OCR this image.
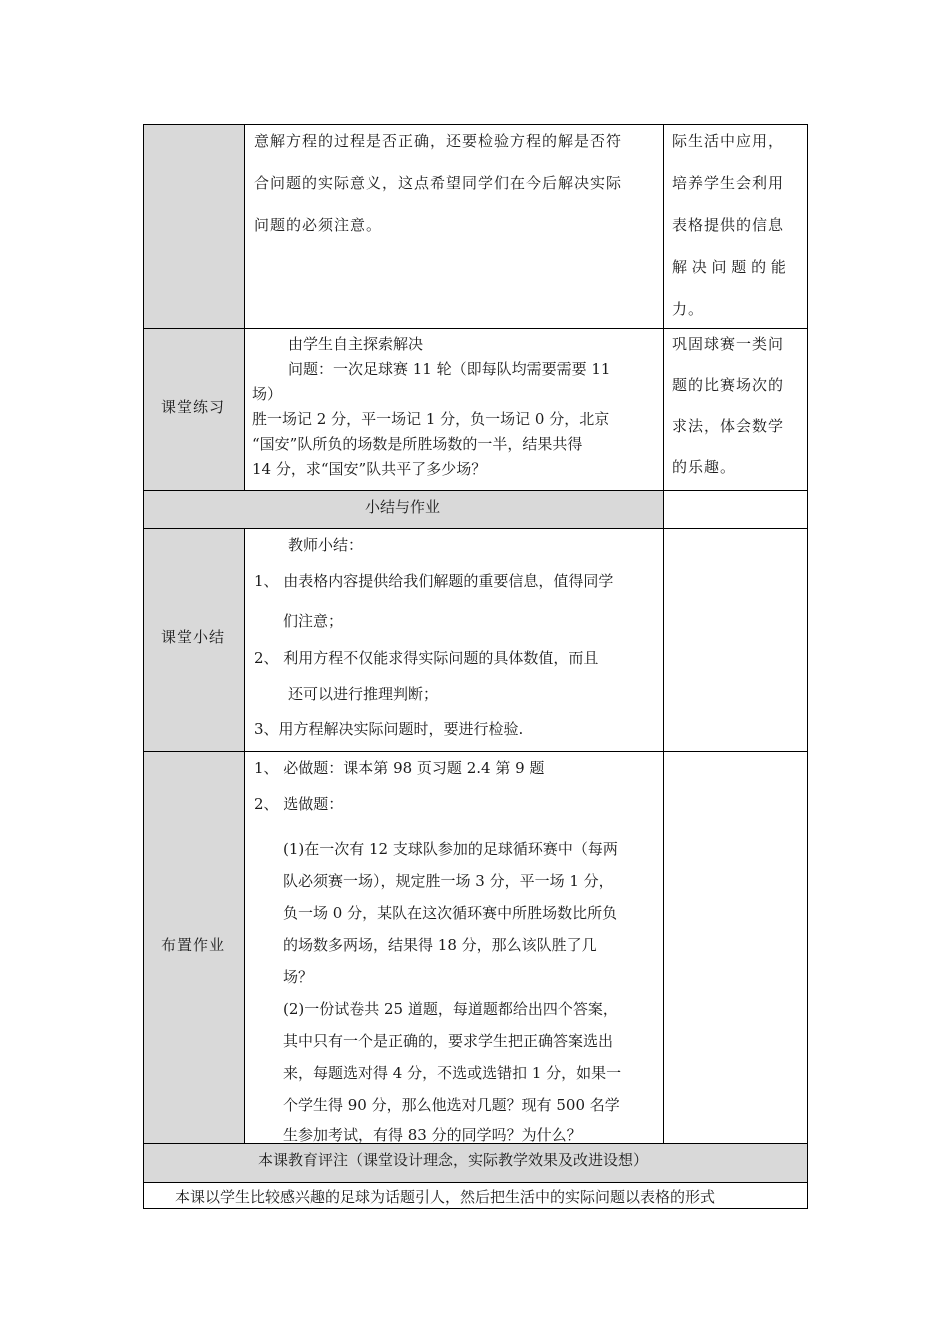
意解方程的过程是否正确，还要检验方程的解是否符
合问题的实际意义，这点希望同学们在今后解决实际
问题的必须注意。
际生活中应用，
培养学生会利用
表格提供的信息
解 决 问 题 的 能
力。
课堂练习
由学生自主探索解决
问题：一次足球赛 11 轮（即每队均需要需要 11
场）
胜一场记 2 分，平一场记 1 分，负一场记 0 分，北京
“国安”队所负的场数是所胜场数的一半，结果共得
14 分，求“国安”队共平了多少场？
巩固球赛一类问
题的比赛场次的
求法，体会数学
的乐趣。
小结与作业
课堂小结
教师小结：
1、 由表格内容提供给我们解题的重要信息，值得同学
们注意；
2、 利用方程不仅能求得实际问题的具体数值，而且
还可以进行推理判断；
3、用方程解决实际问题时，要进行检验.
布置作业
1、 必做题：课本第 98 页习题 2.4 第 9 题
2、 选做题：
(1)在一次有 12 支球队参加的足球循环赛中（每两
队必须赛一场），规定胜一场 3 分，平一场 1 分，
负一场 0 分，某队在这次循环赛中所胜场数比所负
的场数多两场，结果得 18 分，那么该队胜了几
场？
(2)一份试卷共 25 道题，每道题都给出四个答案，
其中只有一个是正确的，要求学生把正确答案选出
来，每题选对得 4 分，不选或选错扣 1 分，如果一
个学生得 90 分，那么他选对几题？现有 500 名学
生参加考试，有得 83 分的同学吗？为什么？
本课教育评注（课堂设计理念，实际教学效果及改进设想）
本课以学生比较感兴趣的足球为话题引人，然后把生活中的实际问题以表格的形式
